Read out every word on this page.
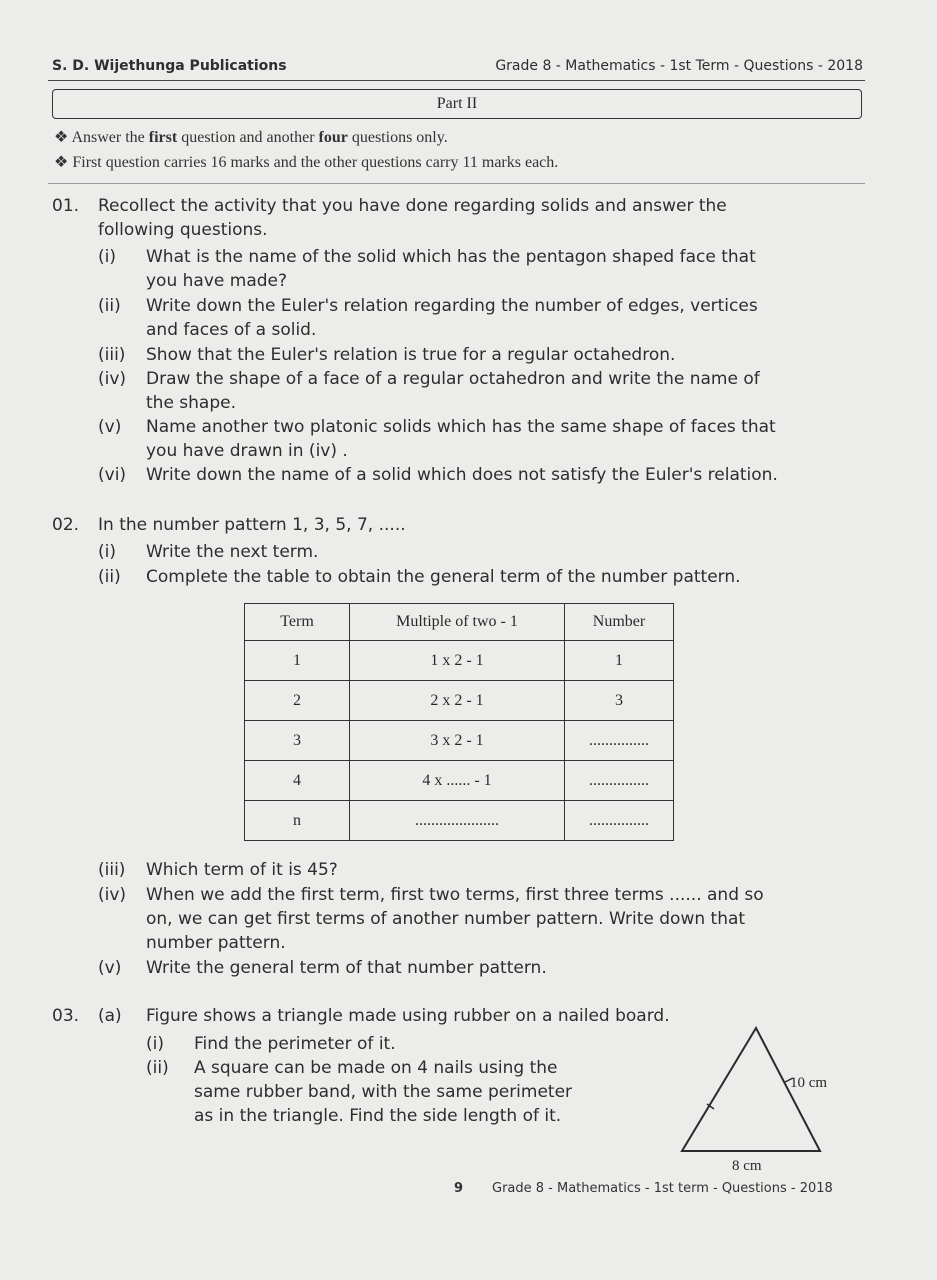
S. D. Wijethunga Publications	Grade 8 - Mathematics - 1st Term - Questions - 2018
Part II
❖ Answer the first question and another four questions only.
❖ First question carries 16 marks and the other questions carry 11 marks each.
01. Recollect the activity that you have done regarding solids and answer the
following questions.
(i) What is the name of the solid which has the pentagon shaped face that
you have made?
(ii) Write down the Euler's relation regarding the number of edges, vertices
and faces of a solid.
(iii) Show that the Euler's relation is true for a regular octahedron.
(iv) Draw the shape of a face of a regular octahedron and write the name of
the shape.
(v) Name another two platonic solids which has the same shape of faces that
you have drawn in (iv) .
(vi) Write down the name of a solid which does not satisfy the Euler's relation.
02. In the number pattern 1, 3, 5, 7, .....
(i) Write the next term.
(ii) Complete the table to obtain the general term of the number pattern.
Term	Multiple of two - 1	Number
1	1 x 2 - 1	1
2	2 x 2 - 1	3
3	3 x 2 - 1	...............
4	4 x ...... - 1	...............
n	.....................	...............
(iii) Which term of it is 45?
(iv) When we add the first term, first two terms, first three terms ...... and so
on, we can get first terms of another number pattern. Write down that
number pattern.
(v) Write the general term of that number pattern.
03. (a) Figure shows a triangle made using rubber on a nailed board.
(i) Find the perimeter of it.
(ii) A square can be made on 4 nails using the
same rubber band, with the same perimeter
as in the triangle. Find the side length of it.
10 cm
8 cm
9 Grade 8 - Mathematics - 1st term - Questions - 2018
